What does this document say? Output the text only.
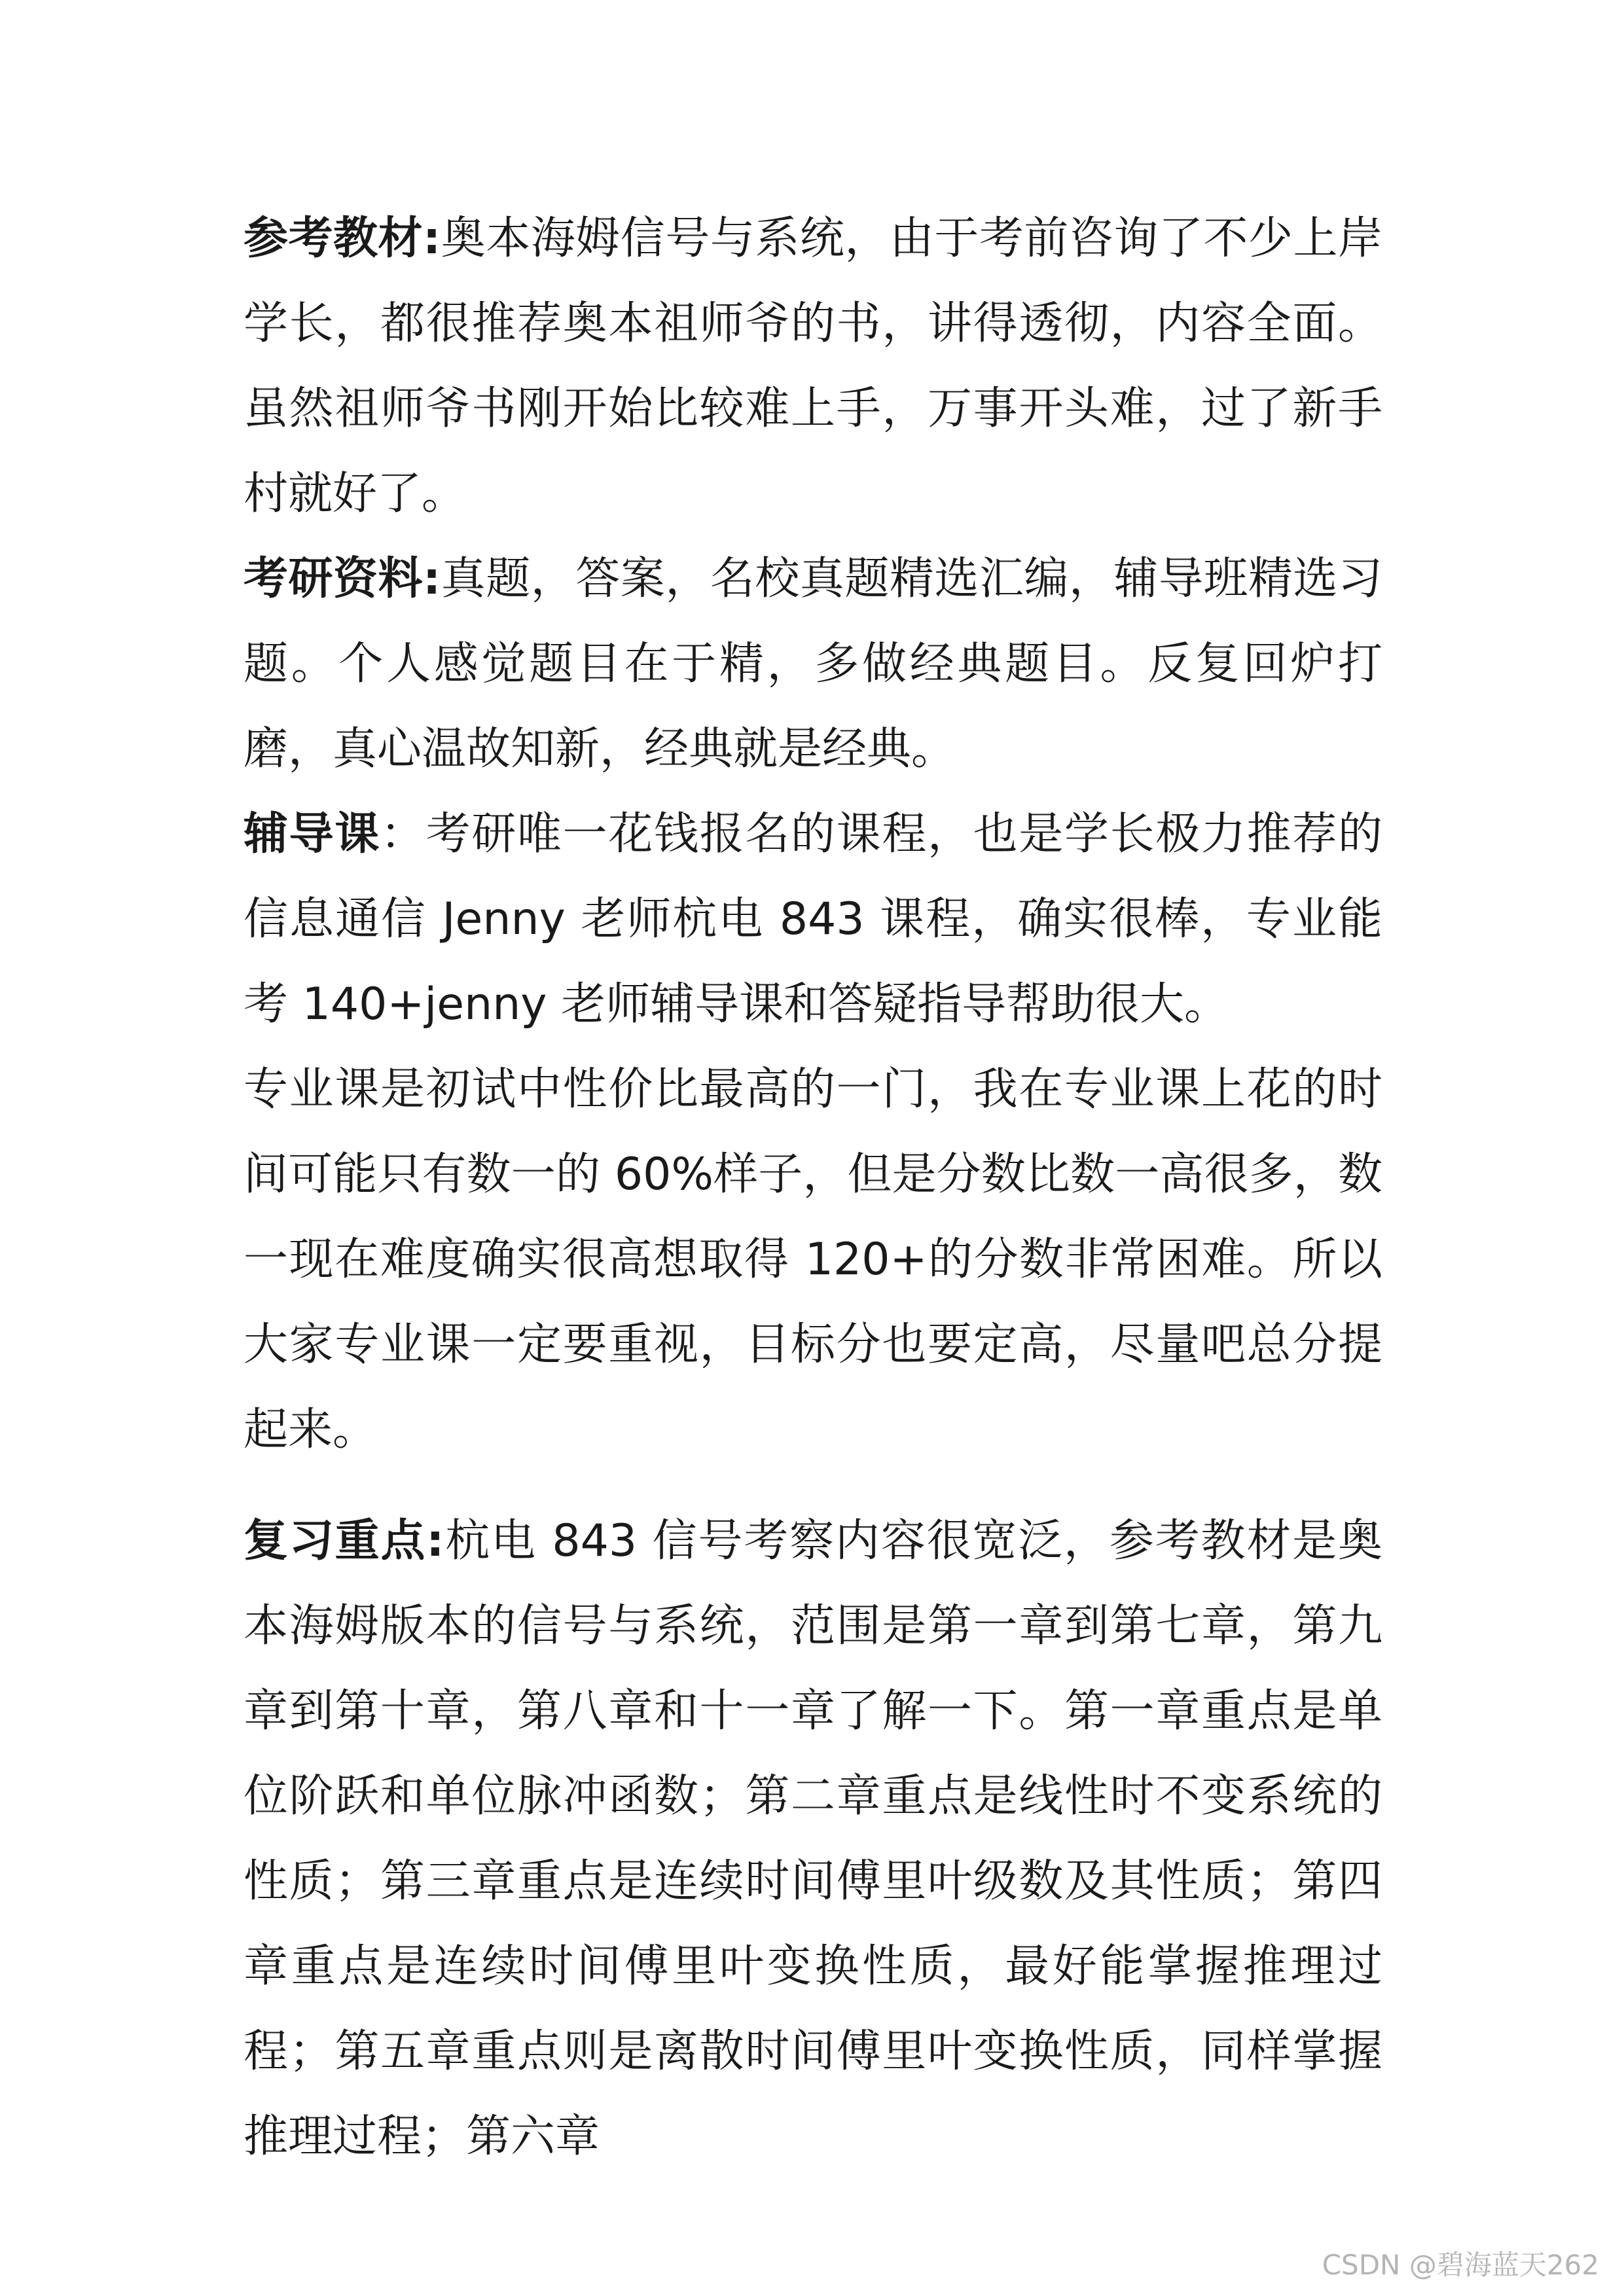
参考教材:奥本海姆信号与系统，由于考前咨询了不少上岸学长，都很推荐奥本祖师爷的书，讲得透彻，内容全面。虽然祖师爷书刚开始比较难上手，万事开头难，过了新手村就好了。

考研资料:真题，答案，名校真题精选汇编，辅导班精选习题。个人感觉题目在于精，多做经典题目。反复回炉打磨，真心温故知新，经典就是经典。

辅导课：考研唯一花钱报名的课程，也是学长极力推荐的信息通信 Jenny 老师杭电 843 课程，确实很棒，专业能考 140+jenny 老师辅导课和答疑指导帮助很大。

专业课是初试中性价比最高的一门，我在专业课上花的时间可能只有数一的 60%样子，但是分数比数一高很多，数一现在难度确实很高想取得 120+的分数非常困难。所以大家专业课一定要重视，目标分也要定高，尽量吧总分提起来。

复习重点:杭电 843 信号考察内容很宽泛，参考教材是奥本海姆版本的信号与系统，范围是第一章到第七章，第九章到第十章，第八章和十一章了解一下。第一章重点是单位阶跃和单位脉冲函数；第二章重点是线性时不变系统的性质；第三章重点是连续时间傅里叶级数及其性质；第四章重点是连续时间傅里叶变换性质，最好能掌握推理过程；第五章重点则是离散时间傅里叶变换性质，同样掌握推理过程；第六章

CSDN @碧海蓝天262
